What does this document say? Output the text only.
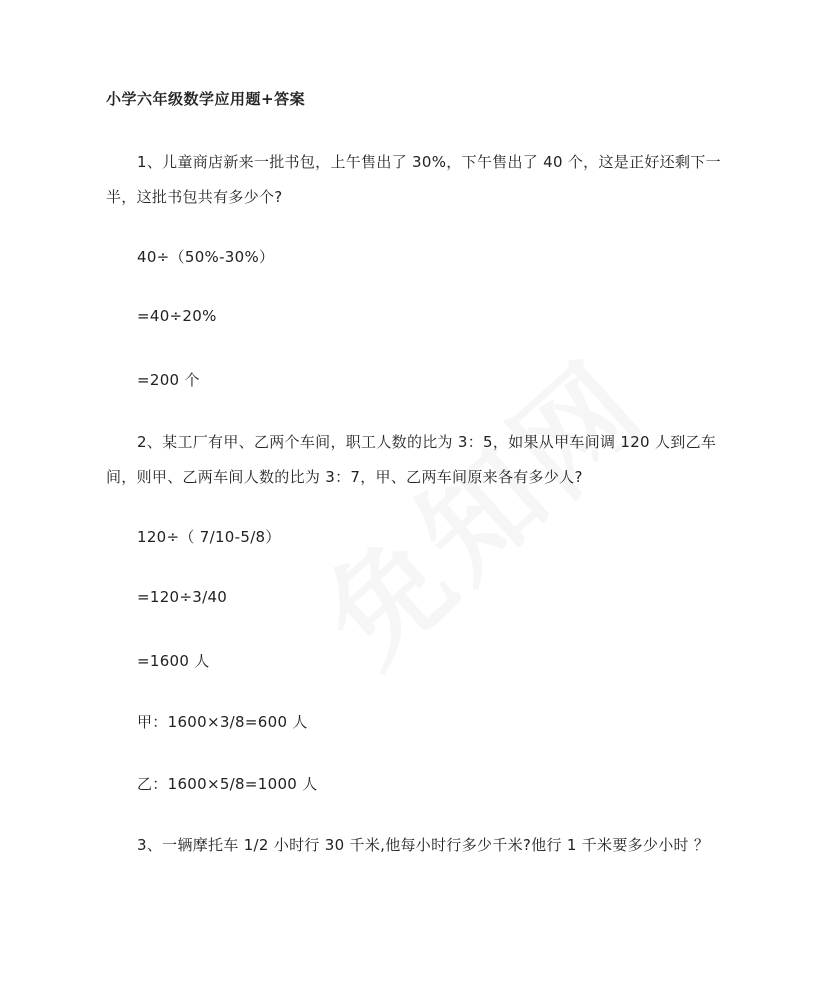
小学六年级数学应用题+答案
1、儿童商店新来一批书包，上午售出了 30%，下午售出了 40 个，这是正好还剩下一
半，这批书包共有多少个?
40÷（50%-30%）
=40÷20%
=200 个
2、某工厂有甲、乙两个车间，职工人数的比为 3：5，如果从甲车间调 120 人到乙车
间，则甲、乙两车间人数的比为 3：7，甲、乙两车间原来各有多少人?
120÷（ 7/10-5/8）
=120÷3/40
=1600 人
甲：1600×3/8=600 人
乙：1600×5/8=1000 人
3、一辆摩托车 1/2 小时行 30 千米,他每小时行多少千米?他行 1 千米要多少小时 ？
